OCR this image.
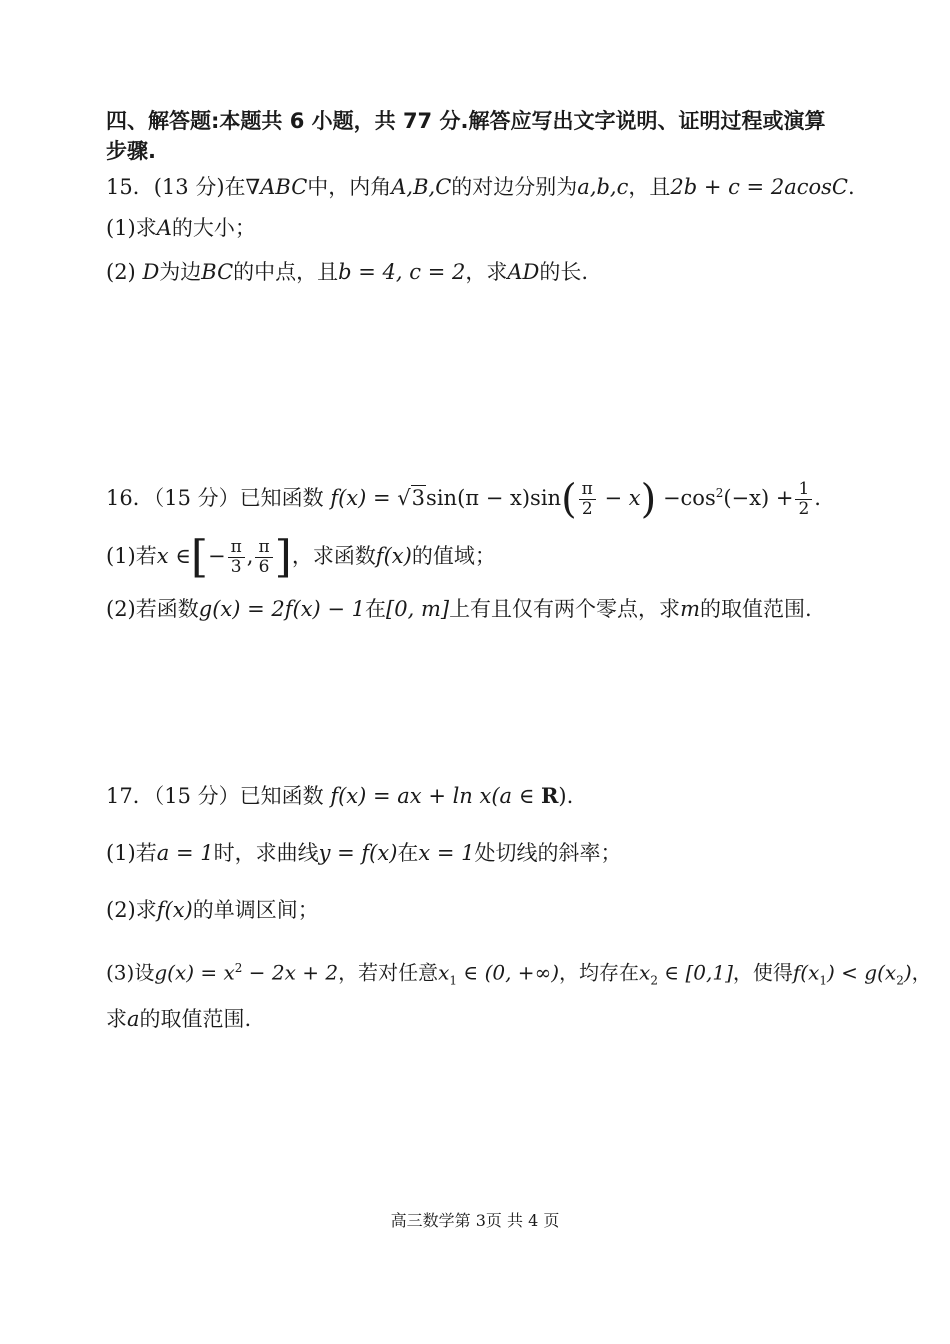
四、解答题:本题共 6 小题，共 77 分.解答应写出文字说明、证明过程或演算步骤.
15．(13 分)在∇ABC中，内角A,B,C的对边分别为a,b,c，且2b + c = 2acosC.
(1)求A的大小；
(2) D为边BC的中点，且b = 4, c = 2，求AD的长.
16．（15 分）已知函数 $f(x) = √3\sin(\pi - x)\sin( \frac{\pi}{2} - x) -\cos^2(-x) + \frac{1}{2}$ .
(1)若x ∈[− $\frac{\pi}{3}$ , $\frac{\pi}{6}$ ]，求函数f(x)的值域；
(2)若函数g(x) = 2f(x) − 1在[0, m]上有且仅有两个零点，求m的取值范围.
17．（15 分）已知函数 f(x) = ax + ln x(a ∈ R).
(1)若a = 1时，求曲线y = f(x)在x = 1处切线的斜率；
(2)求f(x)的单调区间；
(3)设$g(x) = x^2 - 2x + 2$，若对任意$x_1$ ∈ (0, +∞)，均存在$x_2$ ∈ [0,1]，使得$f(x_1) < g(x_2)$，
求a的取值范围.
高三数学第 3页 共 4 页
